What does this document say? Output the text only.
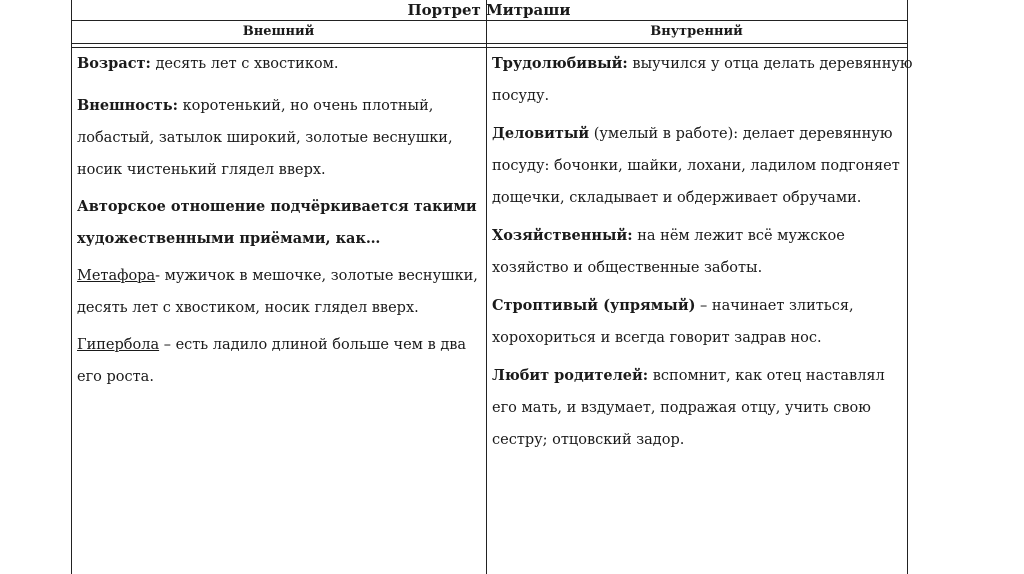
Портрет Митраши
Внешний	Внутренний
Возраст: десять лет с хвостиком.
Внешность: коротенький, но очень плотный,
лобастый, затылок широкий, золотые веснушки,
носик чистенький глядел вверх.
Авторское отношение подчёркивается такими
художественными приёмами, как…
Метафора- мужичок в мешочке, золотые веснушки,
десять лет с хвостиком, носик глядел вверх.
Гипербола – есть ладило длиной больше чем в два
его роста.
Трудолюбивый: выучился у отца делать деревянную
посуду.
Деловитый (умелый в работе): делает деревянную
посуду: бочонки, шайки, лохани, ладилом подгоняет
дощечки, складывает и обдерживает обручами.
Хозяйственный: на нём лежит всё мужское
хозяйство и общественные заботы.
Строптивый (упрямый) – начинает злиться,
хорохориться и всегда говорит задрав нос.
Любит родителей: вспомнит, как отец наставлял
его мать, и вздумает, подражая отцу, учить свою
сестру; отцовский задор.
